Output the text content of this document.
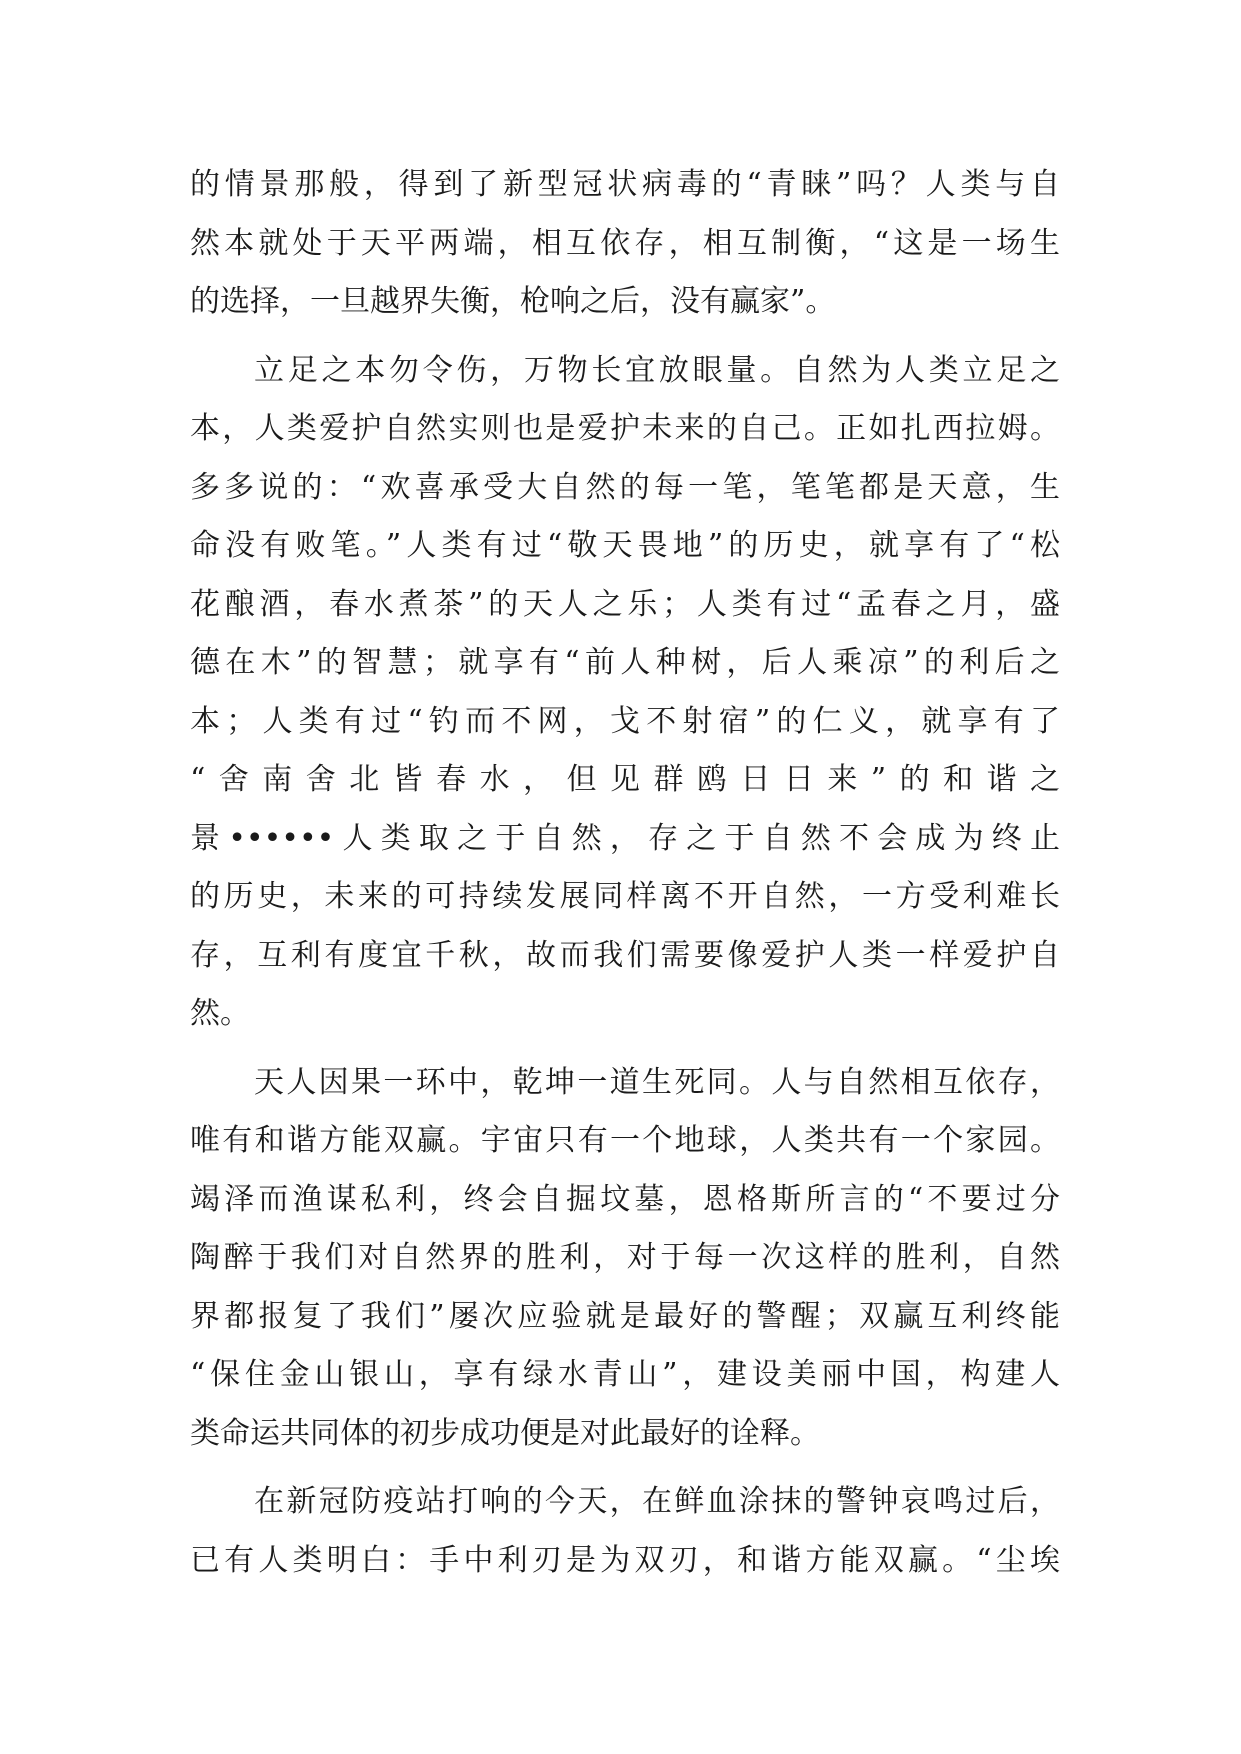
的情景那般，得到了新型冠状病毒的“青睐”吗？人类与自
然本就处于天平两端，相互依存，相互制衡，“这是一场生
的选择，一旦越界失衡，枪响之后，没有赢家”。
立足之本勿令伤，万物长宜放眼量。自然为人类立足之
本，人类爱护自然实则也是爱护未来的自己。正如扎西拉姆。
多多说的：“欢喜承受大自然的每一笔，笔笔都是天意，生
命没有败笔。”人类有过“敬天畏地”的历史，就享有了“松
花酿酒，春水煮茶”的天人之乐；人类有过“孟春之月，盛
德在木”的智慧；就享有“前人种树，后人乘凉”的利后之
本；人类有过“钓而不网，戈不射宿”的仁义，就享有了
“舍南舍北皆春水，但见群鸥日日来”的和谐之
景••••••人类取之于自然，存之于自然不会成为终止
的历史，未来的可持续发展同样离不开自然，一方受利难长
存，互利有度宜千秋，故而我们需要像爱护人类一样爱护自
然。
天人因果一环中，乾坤一道生死同。人与自然相互依存，
唯有和谐方能双赢。宇宙只有一个地球，人类共有一个家园。
竭泽而渔谋私利，终会自掘坟墓，恩格斯所言的“不要过分
陶醉于我们对自然界的胜利，对于每一次这样的胜利，自然
界都报复了我们”屡次应验就是最好的警醒；双赢互利终能
“保住金山银山，享有绿水青山”，建设美丽中国，构建人
类命运共同体的初步成功便是对此最好的诠释。
在新冠防疫站打响的今天，在鲜血涂抹的警钟哀鸣过后，
已有人类明白：手中利刃是为双刃，和谐方能双赢。“尘埃
